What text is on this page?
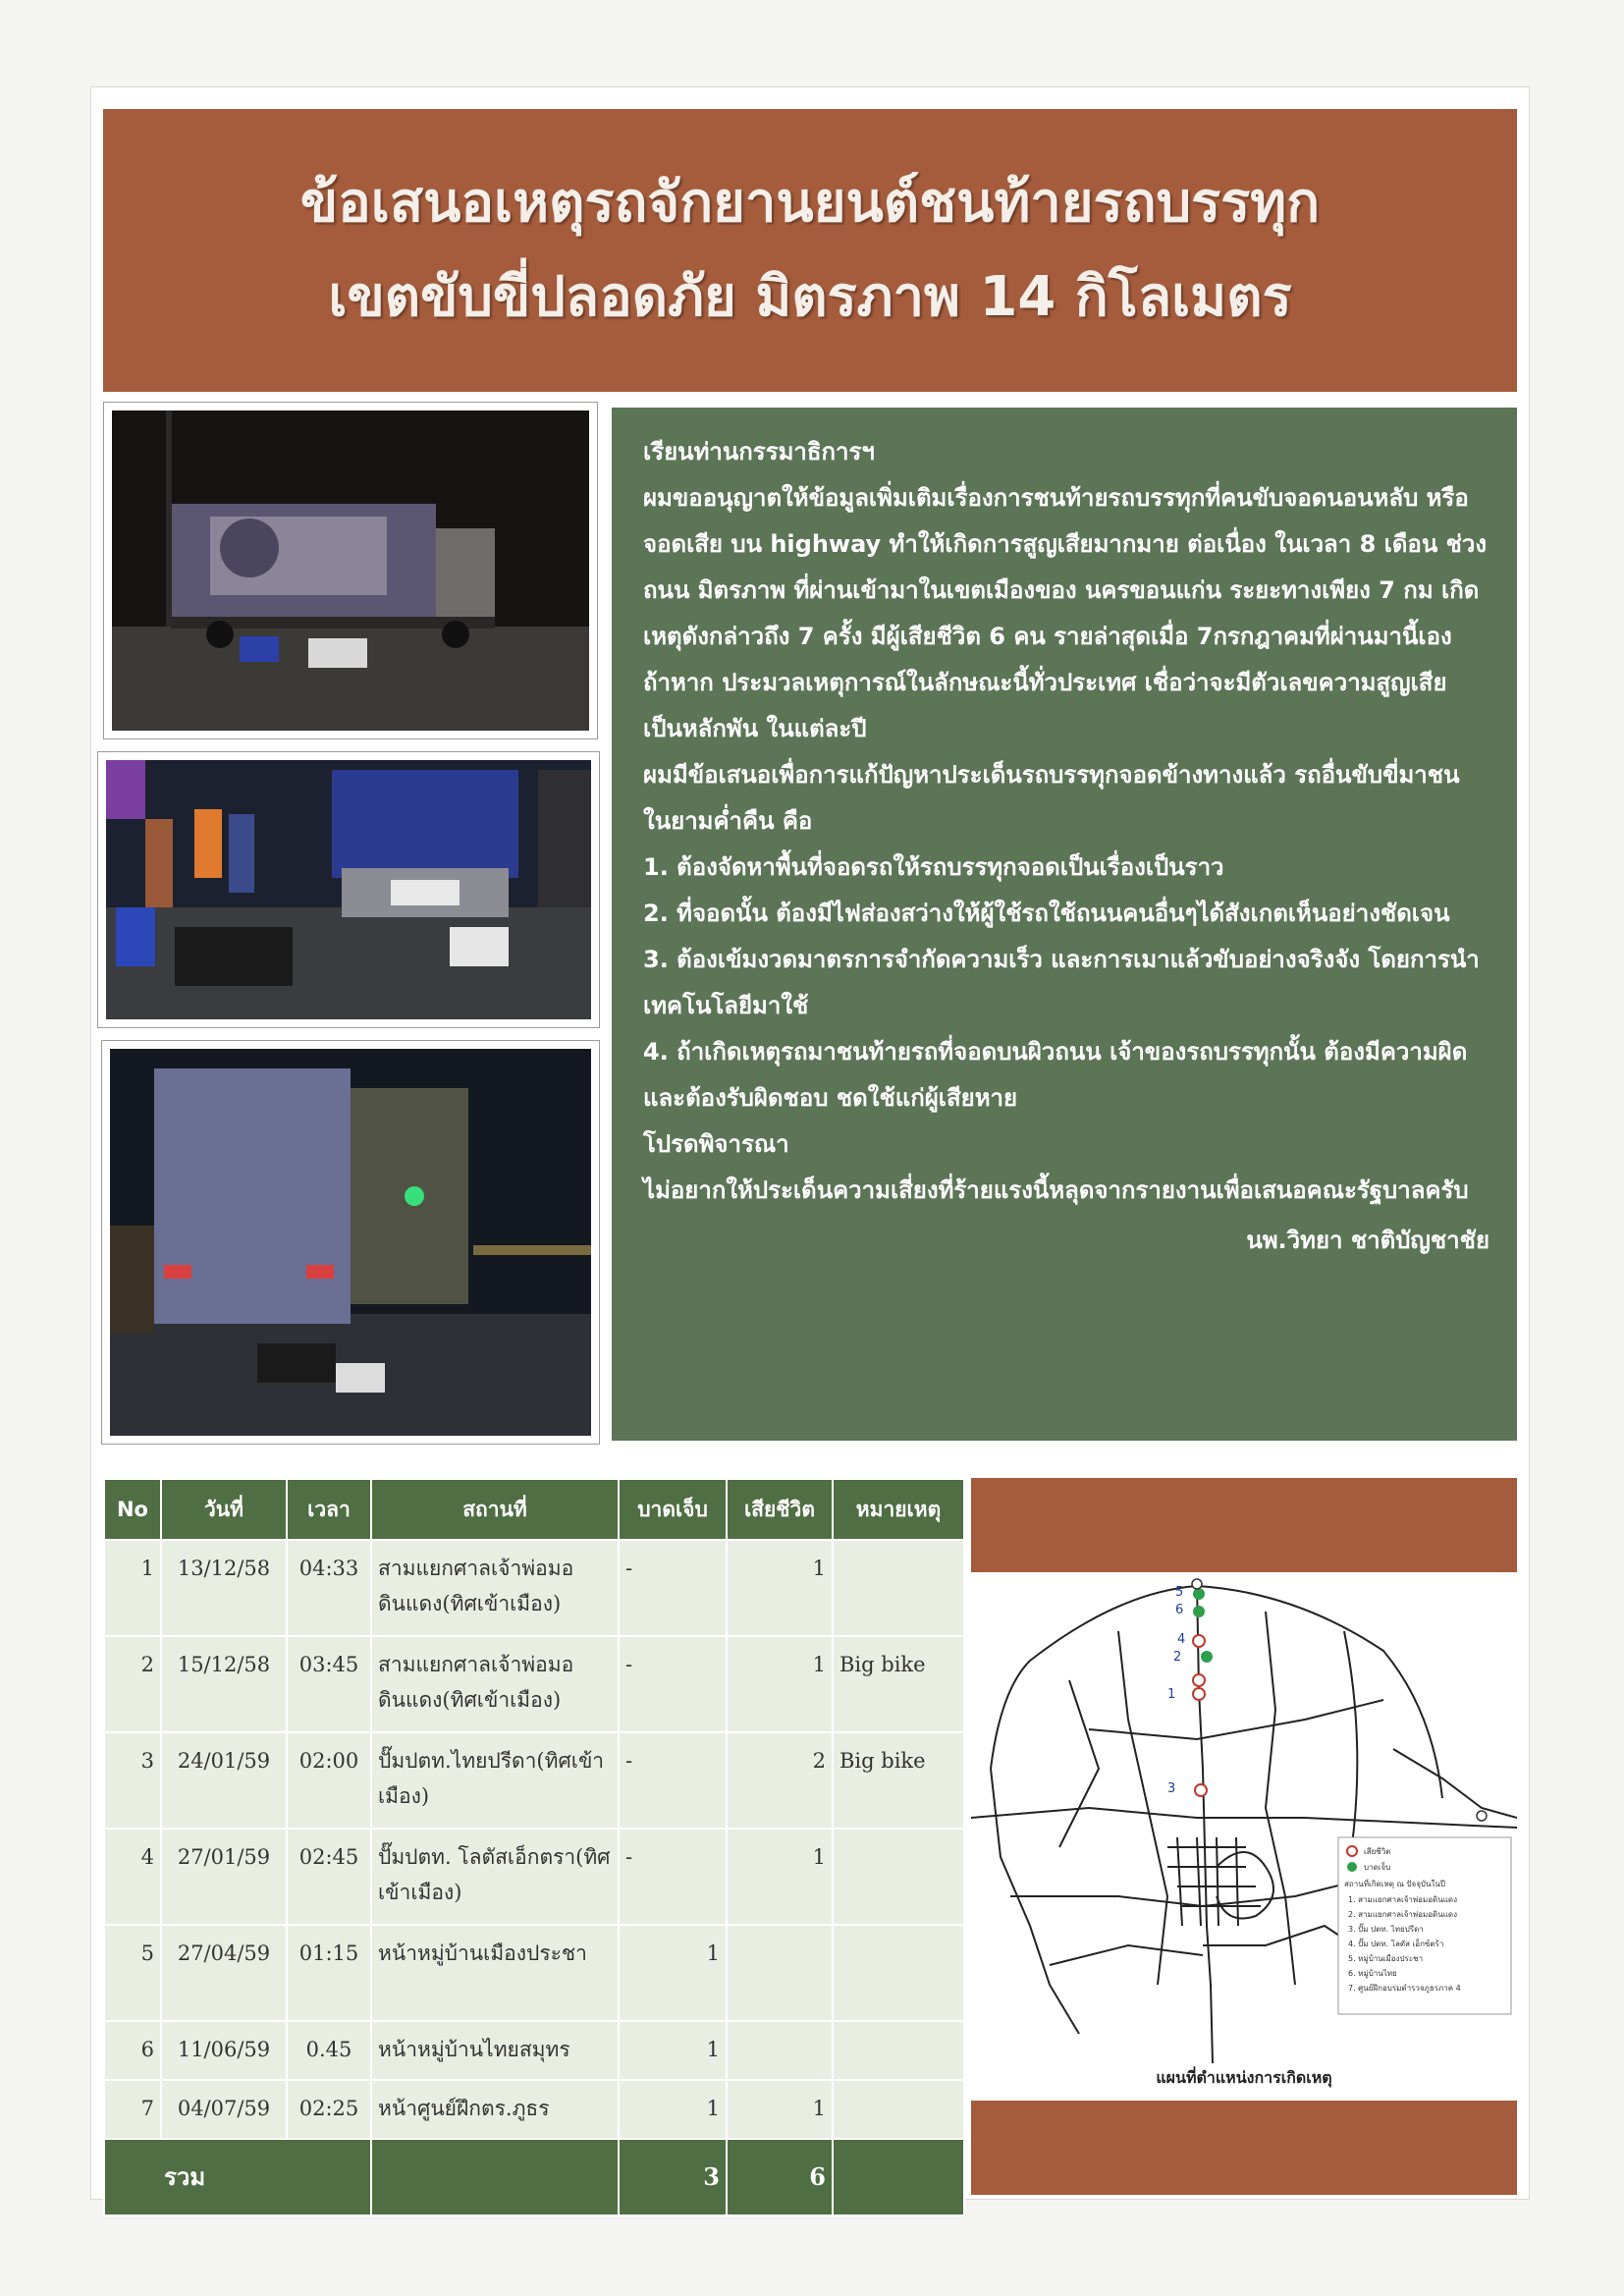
ข้อเสนอเหตุรถจักยานยนต์ชนท้ายรถบรรทุก
เขตขับขี่ปลอดภัย มิตรภาพ 14 กิโลเมตร

เรียนท่านกรรมาธิการฯ

ผมขออนุญาตให้ข้อมูลเพิ่มเติมเรื่องการชนท้ายรถบรรทุกที่คนขับจอดนอนหลับ หรือจอดเสีย บน highway ทำให้เกิดการสูญเสียมากมาย ต่อเนื่อง ในเวลา 8 เดือน ช่วงถนน มิตรภาพ ที่ผ่านเข้ามาในเขตเมืองของ นครขอนแก่น ระยะทางเพียง 7 กม เกิดเหตุดังกล่าวถึง 7 ครั้ง มีผู้เสียชีวิต 6 คน รายล่าสุดเมื่อ 7กรกฎาคมที่ผ่านมานี้เอง

ถ้าหาก ประมวลเหตุการณ์ในลักษณะนี้ทั่วประเทศ เชื่อว่าจะมีตัวเลขความสูญเสีย เป็นหลักพัน ในแต่ละปี

ผมมีข้อเสนอเพื่อการแก้ปัญหาประเด็นรถบรรทุกจอดข้างทางแล้ว รถอื่นขับขี่มาชน ในยามค่ำคืน คือ

1. ต้องจัดหาพื้นที่จอดรถให้รถบรรทุกจอดเป็นเรื่องเป็นราว

2. ที่จอดนั้น ต้องมีไฟส่องสว่างให้ผู้ใช้รถใช้ถนนคนอื่นๆได้สังเกตเห็นอย่างชัดเจน

3. ต้องเข้มงวดมาตรการจำกัดความเร็ว และการเมาแล้วขับอย่างจริงจัง โดยการนำเทคโนโลยีมาใช้

4. ถ้าเกิดเหตุรถมาชนท้ายรถที่จอดบนผิวถนน เจ้าของรถบรรทุกนั้น ต้องมีความผิด และต้องรับผิดชอบ ชดใช้แก่ผู้เสียหาย

โปรดพิจารณา

ไม่อยากให้ประเด็นความเสี่ยงที่ร้ายแรงนี้หลุดจากรายงานเพื่อเสนอคณะรัฐบาลครับ

นพ.วิทยา ชาติบัญชาชัย

No	วันที่	เวลา	สถานที่	บาดเจ็บ	เสียชีวิต	หมายเหตุ
1	13/12/58	04:33	สามแยกศาลเจ้าพ่อมอดินแดง(ทิศเข้าเมือง)	-	1	
2	15/12/58	03:45	สามแยกศาลเจ้าพ่อมอดินแดง(ทิศเข้าเมือง)	-	1	Big bike
3	24/01/59	02:00	ปั๊มปตท.ไทยปรีดา(ทิศเข้าเมือง)	-	2	Big bike
4	27/01/59	02:45	ปั๊มปตท. โลตัสเอ็กตรา(ทิศเข้าเมือง)	-	1	
5	27/04/59	01:15	หน้าหมู่บ้านเมืองประชา	1		
6	11/06/59	0.45	หน้าหมู่บ้านไทยสมุทร	1		
7	04/07/59	02:25	หน้าศูนย์ฝึกตร.ภูธร	1	1	
รวม				3	6	
5
6
4
2
1
3
เสียชีวิต
บาดเจ็บ
สถานที่เกิดเหตุ ณ ปัจจุบันในปี
1. สามแยกศาลเจ้าพ่อมอดินแดง
2. สามแยกศาลเจ้าพ่อมอดินแดง
3. ปั๊ม ปตท. ไทยปรีดา
4. ปั๊ม ปตท. โลตัส เอ็กซ์ตร้า
5. หมู่บ้านเมืองประชา
6. หมู่บ้านไทย
7. ศูนย์ฝึกอบรมตำรวจภูธรภาค 4
แผนที่ตำแหน่งการเกิดเหตุ
